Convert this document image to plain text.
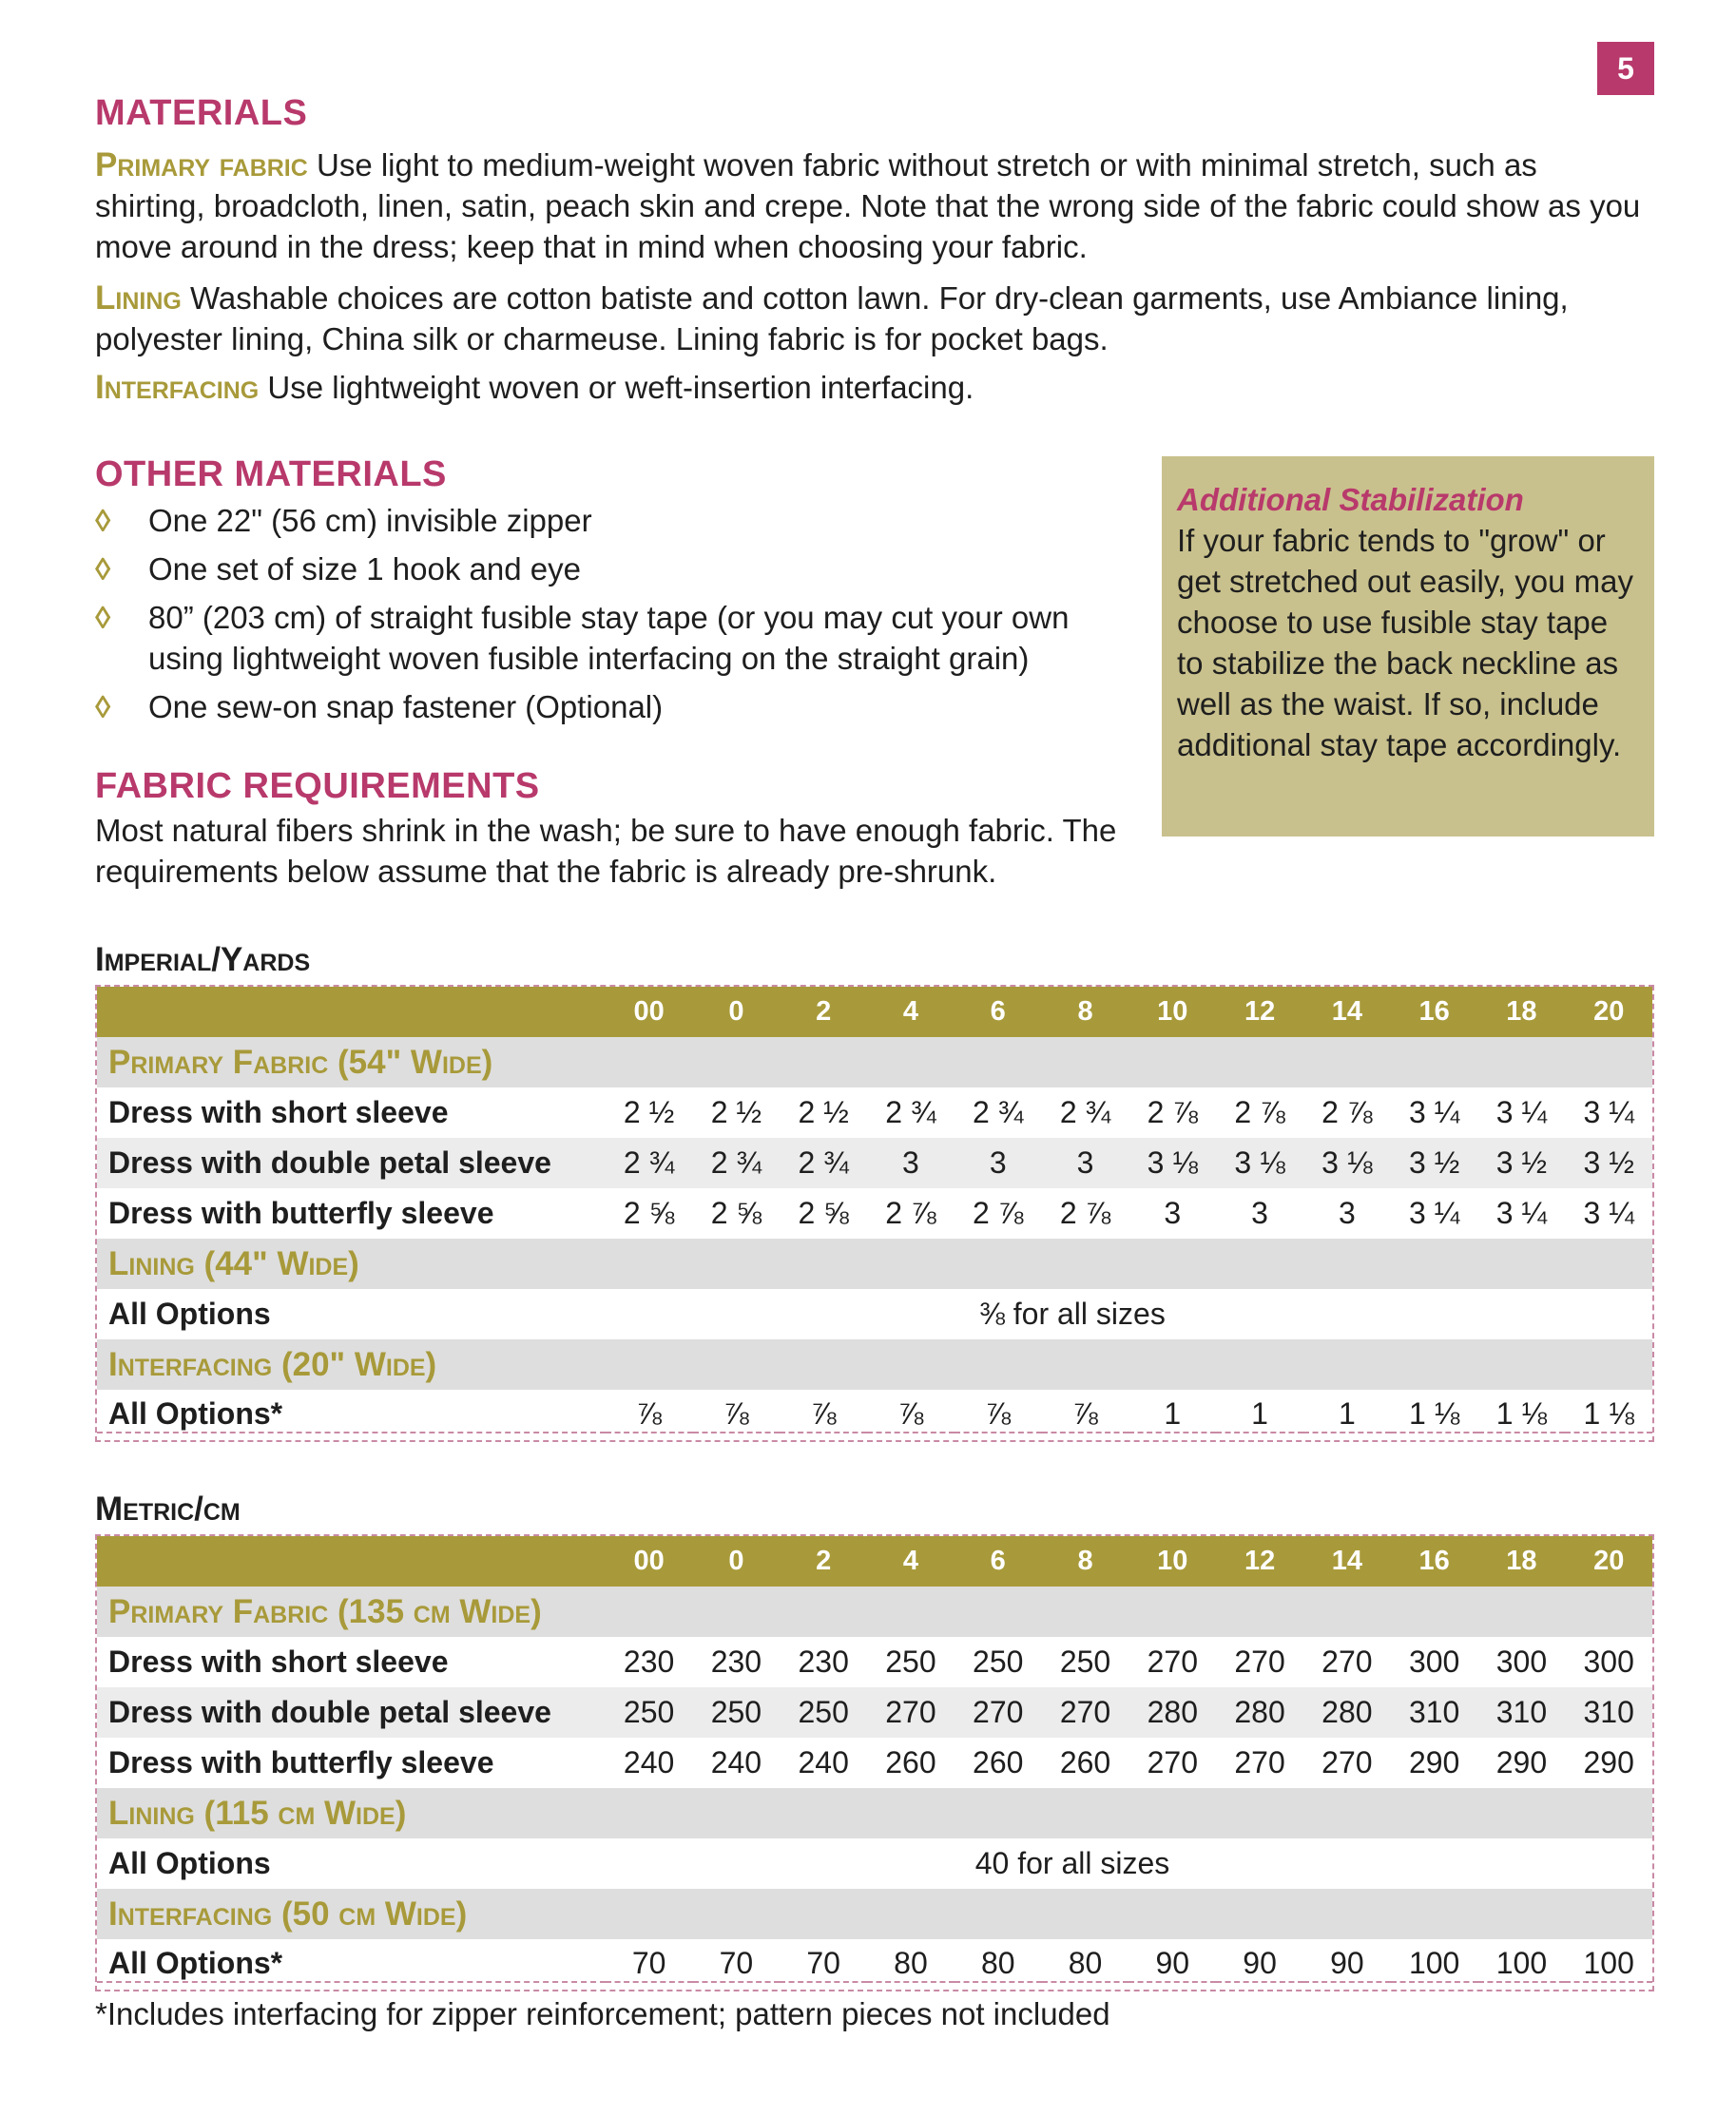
5
MATERIALS

Primary fabric Use light to medium-weight woven fabric without stretch or with minimal stretch, such as shirting, broadcloth, linen, satin, peach skin and crepe. Note that the wrong side of the fabric could show as you move around in the dress; keep that in mind when choosing your fabric.

Lining Washable choices are cotton batiste and cotton lawn. For dry-clean garments, use Ambiance lining, polyester lining, China silk or charmeuse. Lining fabric is for pocket bags.

Interfacing Use lightweight woven or weft-insertion interfacing.

OTHER MATERIALS
◊ One 22" (56 cm) invisible zipper
◊ One set of size 1 hook and eye
◊ 80” (203 cm) of straight fusible stay tape (or you may cut your own using lightweight woven fusible interfacing on the straight grain)
◊ One sew-on snap fastener (Optional)
Additional Stabilization
If your fabric tends to "grow" or get stretched out easily, you may choose to use fusible stay tape to stabilize the back neckline as well as the waist. If so, include additional stay tape accordingly.
FABRIC REQUIREMENTS

Most natural fibers shrink in the wash; be sure to have enough fabric. The requirements below assume that the fabric is already pre-shrunk.

Imperial/Yards
00	0	2	4	6	8	10	12	14	16	18	20
Primary Fabric (54" Wide)
Dress with short sleeve	2 ½	2 ½	2 ½	2 ¾	2 ¾	2 ¾	2 ⅞	2 ⅞	2 ⅞	3 ¼	3 ¼	3 ¼
Dress with double petal sleeve	2 ¾	2 ¾	2 ¾	3	3	3	3 ⅛	3 ⅛	3 ⅛	3 ½	3 ½	3 ½
Dress with butterfly sleeve	2 ⅝	2 ⅝	2 ⅝	2 ⅞	2 ⅞	2 ⅞	3	3	3	3 ¼	3 ¼	3 ¼
Lining (44" Wide)
All Options	⅜ for all sizes
Interfacing (20" Wide)
All Options*	⅞	⅞	⅞	⅞	⅞	⅞	1	1	1	1 ⅛	1 ⅛	1 ⅛
Metric/cm
00	0	2	4	6	8	10	12	14	16	18	20
Primary Fabric (135 cm Wide)
Dress with short sleeve	230	230	230	250	250	250	270	270	270	300	300	300
Dress with double petal sleeve	250	250	250	270	270	270	280	280	280	310	310	310
Dress with butterfly sleeve	240	240	240	260	260	260	270	270	270	290	290	290
Lining (115 cm Wide)
All Options	40 for all sizes
Interfacing (50 cm Wide)
All Options*	70	70	70	80	80	80	90	90	90	100	100	100
*Includes interfacing for zipper reinforcement; pattern pieces not included
